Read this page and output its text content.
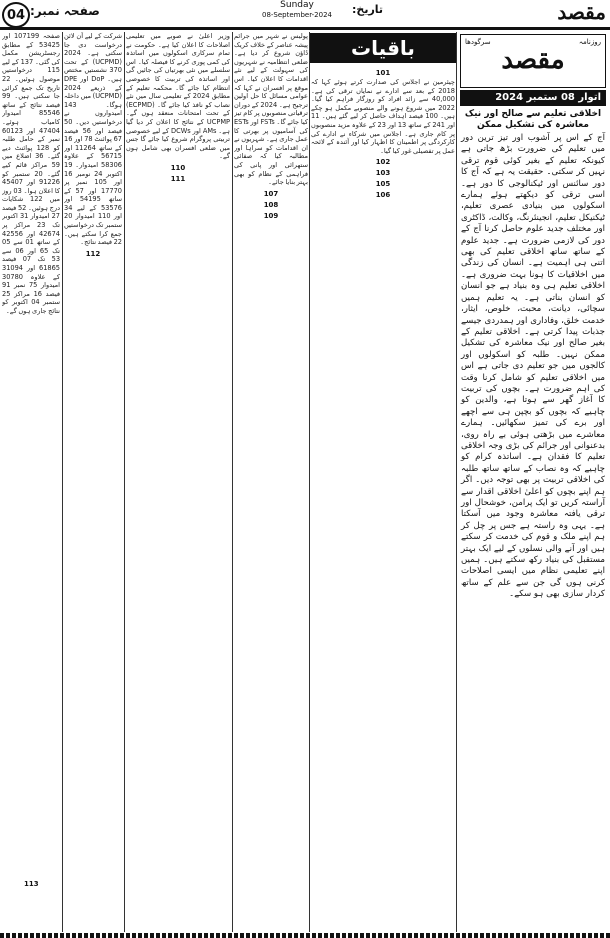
04 صفحہ نمبر:	Sunday
08-September-2024	تاریخ:	مقصد
صفحہ 107199 اور 53425 کے مطابق رجسٹریشن مکمل کی گئی۔ 137 کے لیے 115 درخواستیں موصول ہوئیں۔ 22 تاریخ تک جمع کرائی جا سکتی ہیں۔ 99 فیصد نتائج کے ساتھ 85546 امیدوار کامیاب ہوئے۔ 47404 اور 60123 نمبر کے حامل طلبہ کو 128 پوائنٹ دیے گئے۔ 36 اضلاع میں 59 مراکز قائم کیے گئے۔ 20 ستمبر کو 91226 اور 45407 کا اعلان ہوا۔ 03 روز میں 122 شکایات درج ہوئیں۔ 52 فیصد 27 امیدوار 31 اکتوبر تک 23 مراکز پر 42674 اور 42556 کے ساتھ 01 سے 05 تک 65 اور 06 سے 53 تک 07 فیصد 61865 اور 31094 کے علاوہ 30780 امیدوار 75 نمبر 91 فیصد 16 مراکز 25 ستمبر 04 اکتوبر کو نتائج جاری ہوں گے۔
شرکت کے لیے آن لائن درخواست دی جا سکتی ہے۔ 2024 (UCPMD) کے تحت 370 نشستیں مختص ہیں۔ DoP اور DPE کے ذریعے 2024 (UCPMD) میں داخلہ ہوگا۔ 143 امیدواروں نے درخواستیں دیں۔ 50 فیصد اور 56 فیصد 67 پوائنٹ 78 اور 16 کے ساتھ 11264 اور 56715 کے علاوہ 58306 امیدوار۔ 19 اکتوبر 24 نومبر 16 اور 105 نمبر پر 17770 اور 57 کے ساتھ 54195 اور 53576 کے لیے 34 اور 110 امیدوار 20 ستمبر تک درخواستیں جمع کرا سکتے ہیں۔ 22 فیصد نتائج۔
112
وزیر اعلیٰ نے صوبے میں تعلیمی اصلاحات کا اعلان کیا ہے۔ حکومت نے تمام سرکاری اسکولوں میں اساتذہ کی کمی پوری کرنے کا فیصلہ کیا۔ اس سلسلے میں نئی بھرتیاں کی جائیں گی اور اساتذہ کی تربیت کا خصوصی انتظام کیا جائے گا۔ محکمہ تعلیم کے مطابق 2024 کے تعلیمی سال میں نئے نصاب کو نافذ کیا جائے گا۔ (ECPMD) کے تحت امتحانات منعقد ہوں گے۔ UCPMP کے نتائج کا اعلان کر دیا گیا ہے۔ AMs اور DCWs کے لیے خصوصی تربیتی پروگرام شروع کیا جائے گا جس میں ضلعی افسران بھی شامل ہوں گے۔
110
111
پولیس نے شہر میں جرائم پیشہ عناصر کے خلاف کریک ڈاؤن شروع کر دیا ہے۔ ضلعی انتظامیہ نے شہریوں کی سہولت کے لیے نئے اقدامات کا اعلان کیا۔ اس موقع پر افسران نے کہا کہ عوامی مسائل کا حل اولین ترجیح ہے۔ 2024 کے دوران ترقیاتی منصوبوں پر کام تیز کیا جائے گا۔ FSTs اور ESTs کی آسامیوں پر بھرتی کا عمل جاری ہے۔ شہریوں نے ان اقدامات کو سراہا اور مطالبہ کیا کہ صفائی ستھرائی اور پانی کی فراہمی کے نظام کو بھی بہتر بنایا جائے۔
107
108
109
باقیات
101
چیئرمین نے اجلاس کی صدارت کرتے ہوئے کہا کہ 2018 کے بعد سے ادارے نے نمایاں ترقی کی ہے۔ 40,000 سے زائد افراد کو روزگار فراہم کیا گیا۔ 2022 میں شروع ہونے والے منصوبے مکمل ہو چکے ہیں۔ 100 فیصد اہداف حاصل کر لیے گئے ہیں۔ 11 اور 241 کے ساتھ 13 اور 23 کے علاوہ مزید منصوبوں پر کام جاری ہے۔ اجلاس میں شرکاء نے ادارے کی کارکردگی پر اطمینان کا اظہار کیا اور آئندہ کے لائحہ عمل پر تفصیلی غور کیا گیا۔
102
103
105
106
روزنامہ
سرگودھا
مقصد
اتوار 08 ستمبر 2024
اخلاقی تعلیم سے صالح اور نیک معاشرہ کی تشکیل ممکن
آج کے اس پر آشوب اور تیز ترین دور میں تعلیم کی ضرورت بڑھ جاتی ہے کیونکہ تعلیم کے بغیر کوئی قوم ترقی نہیں کر سکتی۔ حقیقت یہ ہے کہ آج کا دور سائنس اور ٹیکنالوجی کا دور ہے۔ اسی ترقی کو دیکھتے ہوئے ہمارے اسکولوں میں بنیادی عصری تعلیم، ٹیکنیکل تعلیم، انجینئرنگ، وکالت، ڈاکٹری اور مختلف جدید علوم حاصل کرنا آج کے دور کی لازمی ضرورت ہے۔ جدید علوم کے ساتھ ساتھ اخلاقی تعلیم کی بھی اتنی ہی اہمیت ہے۔ انسان کی زندگی میں اخلاقیات کا ہونا بہت ضروری ہے۔ اخلاقی تعلیم ہی وہ بنیاد ہے جو انسان کو انسان بناتی ہے۔ یہ تعلیم ہمیں سچائی، دیانت، محبت، خلوص، ایثار، خدمت خلق، وفاداری اور ہمدردی جیسے جذبات پیدا کرتی ہے۔ اخلاقی تعلیم کے بغیر صالح اور نیک معاشرہ کی تشکیل ممکن نہیں۔ طلبہ کو اسکولوں اور کالجوں میں جو تعلیم دی جاتی ہے اس میں اخلاقی تعلیم کو شامل کرنا وقت کی اہم ضرورت ہے۔ بچوں کی تربیت کا آغاز گھر سے ہوتا ہے، والدین کو چاہیے کہ بچوں کو بچپن ہی سے اچھے اور برے کی تمیز سکھائیں۔ ہمارے معاشرے میں بڑھتی ہوئی بے راہ روی، بدعنوانی اور جرائم کی بڑی وجہ اخلاقی تعلیم کا فقدان ہے۔ اساتذہ کرام کو چاہیے کہ وہ نصاب کے ساتھ ساتھ طلبہ کی اخلاقی تربیت پر بھی توجہ دیں۔ اگر ہم اپنے بچوں کو اعلیٰ اخلاقی اقدار سے آراستہ کریں تو ایک پرامن، خوشحال اور ترقی یافتہ معاشرہ وجود میں آسکتا ہے۔ یہی وہ راستہ ہے جس پر چل کر ہم اپنے ملک و قوم کی خدمت کر سکتے ہیں اور آنے والی نسلوں کے لیے ایک بہتر مستقبل کی بنیاد رکھ سکتے ہیں۔ ہمیں اپنے تعلیمی نظام میں ایسی اصلاحات کرنی ہوں گی جن سے علم کے ساتھ کردار سازی بھی ہو سکے۔
113
